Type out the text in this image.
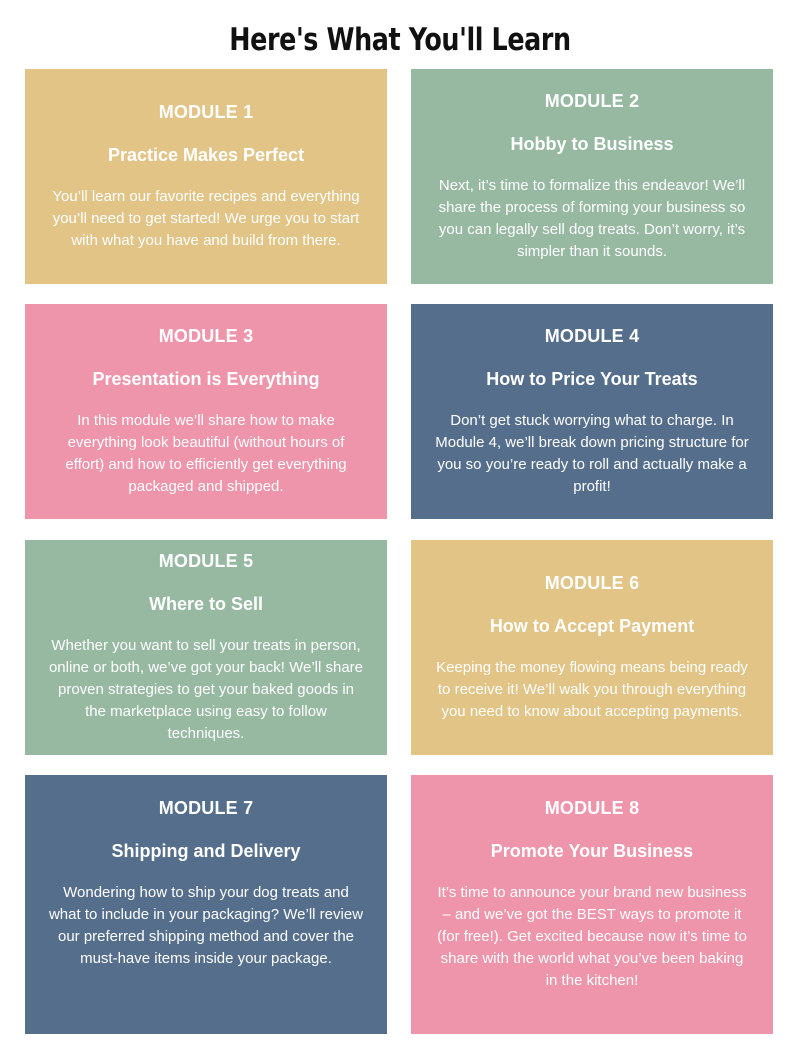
Here's What You'll Learn

MODULE 1

Practice Makes Perfect

You’ll learn our favorite recipes and everything you’ll need to get started! We urge you to start with what you have and build from there.

MODULE 2

Hobby to Business

Next, it’s time to formalize this endeavor! We’ll share the process of forming your business so you can legally sell dog treats. Don’t worry, it’s simpler than it sounds.

MODULE 3

Presentation is Everything

In this module we’ll share how to make everything look beautiful (without hours of effort) and how to efficiently get everything packaged and shipped.

MODULE 4

How to Price Your Treats

Don’t get stuck worrying what to charge. In Module 4, we’ll break down pricing structure for you so you’re ready to roll and actually make a profit!

MODULE 5

Where to Sell

Whether you want to sell your treats in person, online or both, we’ve got your back! We’ll share proven strategies to get your baked goods in the marketplace using easy to follow techniques.

MODULE 6

How to Accept Payment

Keeping the money flowing means being ready to receive it! We’ll walk you through everything you need to know about accepting payments.

MODULE 7

Shipping and Delivery

Wondering how to ship your dog treats and what to include in your packaging? We’ll review our preferred shipping method and cover the must-have items inside your package.

MODULE 8

Promote Your Business

It’s time to announce your brand new business – and we’ve got the BEST ways to promote it (for free!). Get excited because now it’s time to share with the world what you’ve been baking in the kitchen!
